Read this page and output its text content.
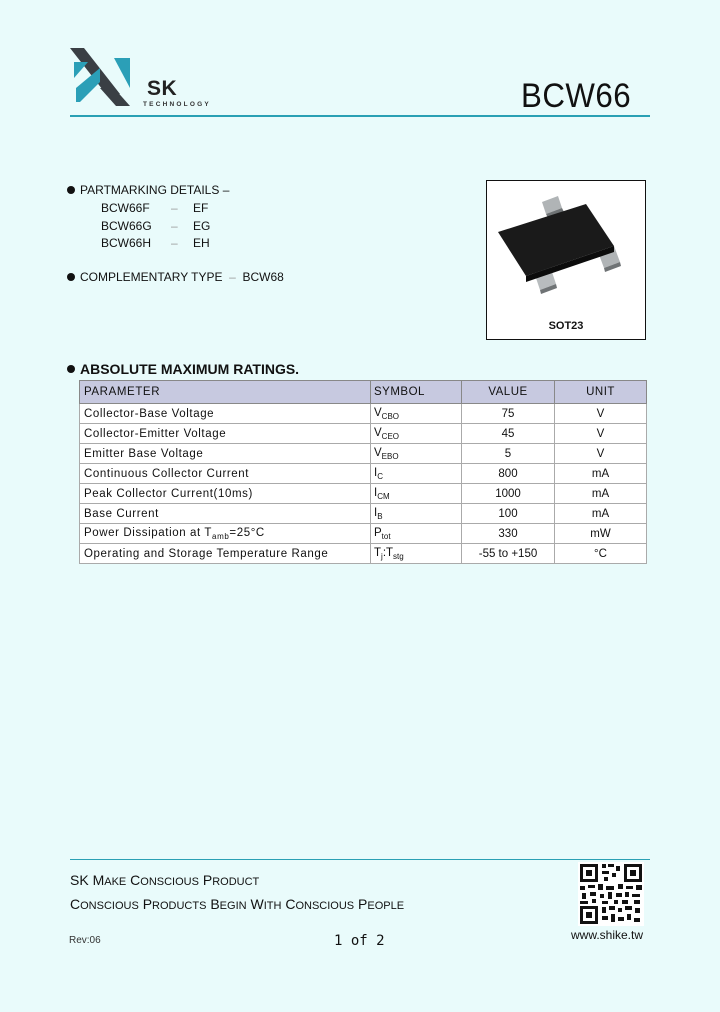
SK
TECHNOLOGY	BCW66
PARTMARKING DETAILS –
BCW66F – EF
BCW66G – EG
BCW66H – EH
COMPLEMENTARY TYPE – BCW68
SOT23
ABSOLUTE MAXIMUM RATINGS.
PARAMETER	SYMBOL	VALUE	UNIT
Collector-Base Voltage	$V_{CBO}$	75	V
Collector-Emitter Voltage	$V_{CEO}$	45	V
Emitter Base Voltage	$V_{EBO}$	5	V
Continuous Collector Current	$I_C$	800	mA
Peak Collector Current(10ms)	$I_{CM}$	1000	mA
Base Current	$I_B$	100	mA
Power Dissipation at $T_{amb}=25^\circ C$	$P_{tot}$	330	mW
Operating and Storage Temperature Range	$T_j:T_{stg}$	-55 to +150	°C
SK MAKE CONSCIOUS PRODUCT
CONSCIOUS PRODUCTS BEGIN WITH CONSCIOUS PEOPLE
Rev:06	1 of 2	www.shike.tw
